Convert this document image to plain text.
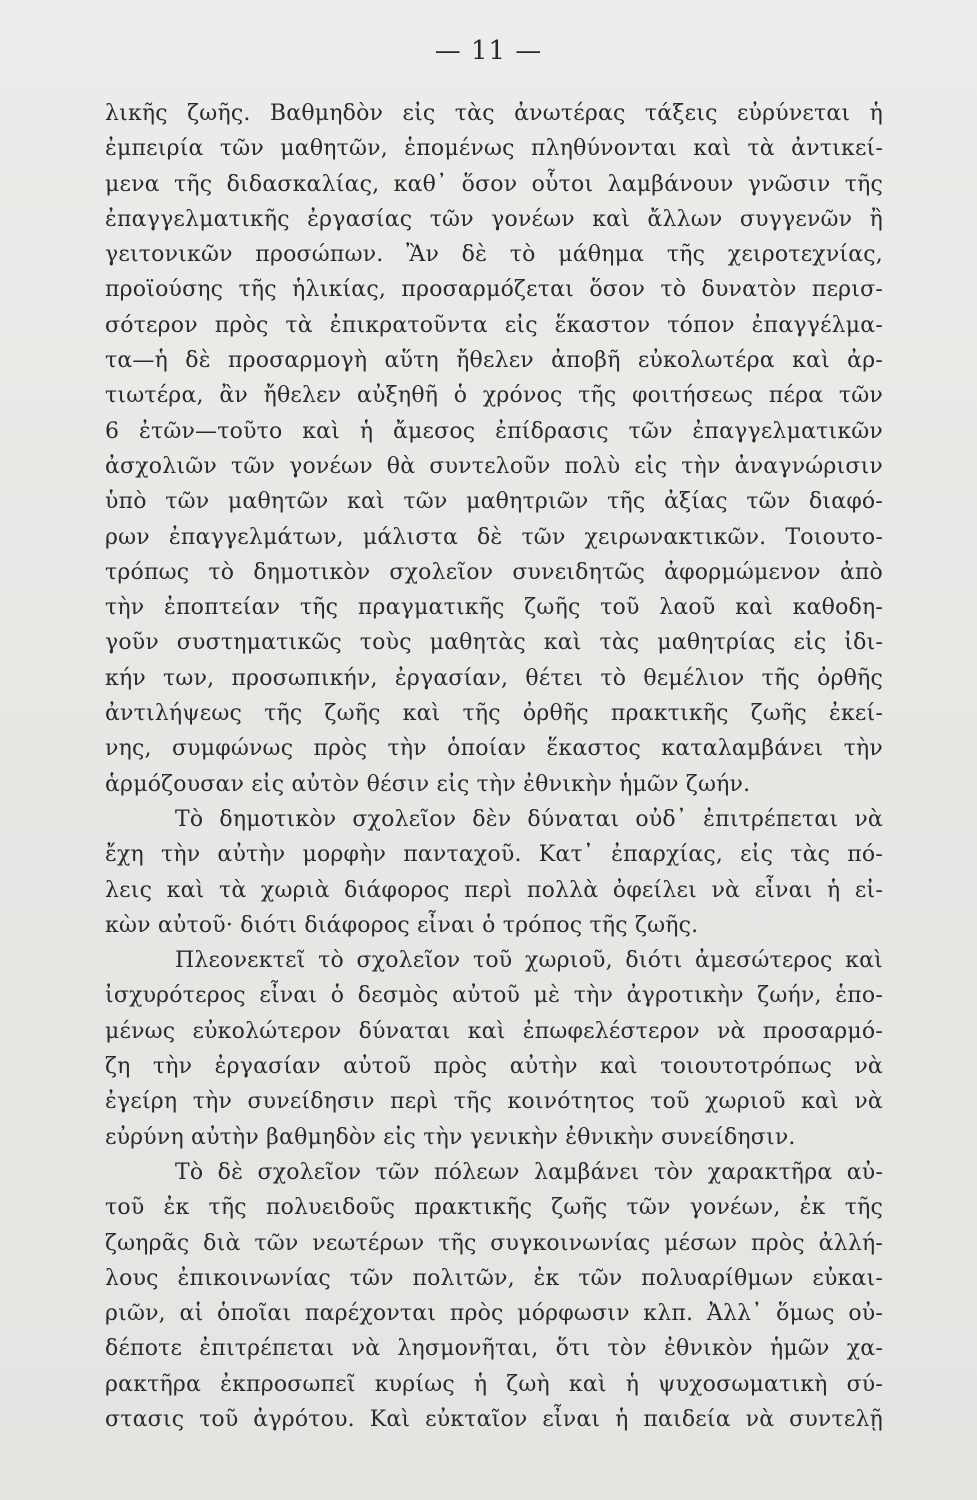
— 11 —
λικῆς ζωῆς. Βαθμηδὸν εἰς τὰς ἀνωτέρας τάξεις εὐρύνεται ἡ
ἐμπειρία τῶν μαθητῶν, ἑπομένως πληθύνονται καὶ τὰ ἀντικεί-
μενα τῆς διδασκαλίας, καθ᾿ ὅσον οὗτοι λαμβάνουν γνῶσιν τῆς
ἐπαγγελματικῆς ἐργασίας τῶν γονέων καὶ ἄλλων συγγενῶν ἢ
γειτονικῶν προσώπων. Ἂν δὲ τὸ μάθημα τῆς χειροτεχνίας,
προϊούσης τῆς ἡλικίας, προσαρμόζεται ὅσον τὸ δυνατὸν περισ-
σότερον πρὸς τὰ ἐπικρατοῦντα εἰς ἕκαστον τόπον ἐπαγγέλμα-
τα—ἡ δὲ προσαρμογὴ αὕτη ἤθελεν ἀποβῆ εὐκολωτέρα καὶ ἀρ-
τιωτέρα, ἂν ἤθελεν αὐξηθῆ ὁ χρόνος τῆς φοιτήσεως πέρα τῶν
6 ἐτῶν—τοῦτο καὶ ἡ ἄμεσος ἐπίδρασις τῶν ἐπαγγελματικῶν
ἀσχολιῶν τῶν γονέων θὰ συντελοῦν πολὺ εἰς τὴν ἀναγνώρισιν
ὑπὸ τῶν μαθητῶν καὶ τῶν μαθητριῶν τῆς ἀξίας τῶν διαφό-
ρων ἐπαγγελμάτων, μάλιστα δὲ τῶν χειρωνακτικῶν. Τοιουτο-
τρόπως τὸ δημοτικὸν σχολεῖον συνειδητῶς ἀφορμώμενον ἀπὸ
τὴν ἐποπτείαν τῆς πραγματικῆς ζωῆς τοῦ λαοῦ καὶ καθοδη-
γοῦν συστηματικῶς τοὺς μαθητὰς καὶ τὰς μαθητρίας εἰς ἰδι-
κήν των, προσωπικήν, ἐργασίαν, θέτει τὸ θεμέλιον τῆς ὀρθῆς
ἀντιλήψεως τῆς ζωῆς καὶ τῆς ὀρθῆς πρακτικῆς ζωῆς ἐκεί-
νης, συμφώνως πρὸς τὴν ὁποίαν ἕκαστος καταλαμβάνει τὴν
ἁρμόζουσαν εἰς αὐτὸν θέσιν εἰς τὴν ἐθνικὴν ἡμῶν ζωήν.
Τὸ δημοτικὸν σχολεῖον δὲν δύναται οὐδ᾿ ἐπιτρέπεται νὰ
ἔχη τὴν αὐτὴν μορφὴν πανταχοῦ. Κατ᾿ ἐπαρχίας, εἰς τὰς πό-
λεις καὶ τὰ χωριὰ διάφορος περὶ πολλὰ ὀφείλει νὰ εἶναι ἡ εἰ-
κὼν αὐτοῦ· διότι διάφορος εἶναι ὁ τρόπος τῆς ζωῆς.
Πλεονεκτεῖ τὸ σχολεῖον τοῦ χωριοῦ, διότι ἀμεσώτερος καὶ
ἰσχυρότερος εἶναι ὁ δεσμὸς αὐτοῦ μὲ τὴν ἀγροτικὴν ζωήν, ἑπο-
μένως εὐκολώτερον δύναται καὶ ἐπωφελέστερον νὰ προσαρμό-
ζη τὴν ἐργασίαν αὐτοῦ πρὸς αὐτὴν καὶ τοιουτοτρόπως νὰ
ἐγείρη τὴν συνείδησιν περὶ τῆς κοινότητος τοῦ χωριοῦ καὶ νὰ
εὐρύνη αὐτὴν βαθμηδὸν εἰς τὴν γενικὴν ἐθνικὴν συνείδησιν.
Τὸ δὲ σχολεῖον τῶν πόλεων λαμβάνει τὸν χαρακτῆρα αὐ-
τοῦ ἐκ τῆς πολυειδοῦς πρακτικῆς ζωῆς τῶν γονέων, ἐκ τῆς
ζωηρᾶς διὰ τῶν νεωτέρων τῆς συγκοινωνίας μέσων πρὸς ἀλλή-
λους ἐπικοινωνίας τῶν πολιτῶν, ἐκ τῶν πολυαρίθμων εὐκαι-
ριῶν, αἱ ὁποῖαι παρέχονται πρὸς μόρφωσιν κλπ. Ἀλλ᾿ ὅμως οὐ-
δέποτε ἐπιτρέπεται νὰ λησμονῆται, ὅτι τὸν ἐθνικὸν ἡμῶν χα-
ρακτῆρα ἐκπροσωπεῖ κυρίως ἡ ζωὴ καὶ ἡ ψυχοσωματικὴ σύ-
στασις τοῦ ἀγρότου. Καὶ εὐκταῖον εἶναι ἡ παιδεία νὰ συντελῇ
